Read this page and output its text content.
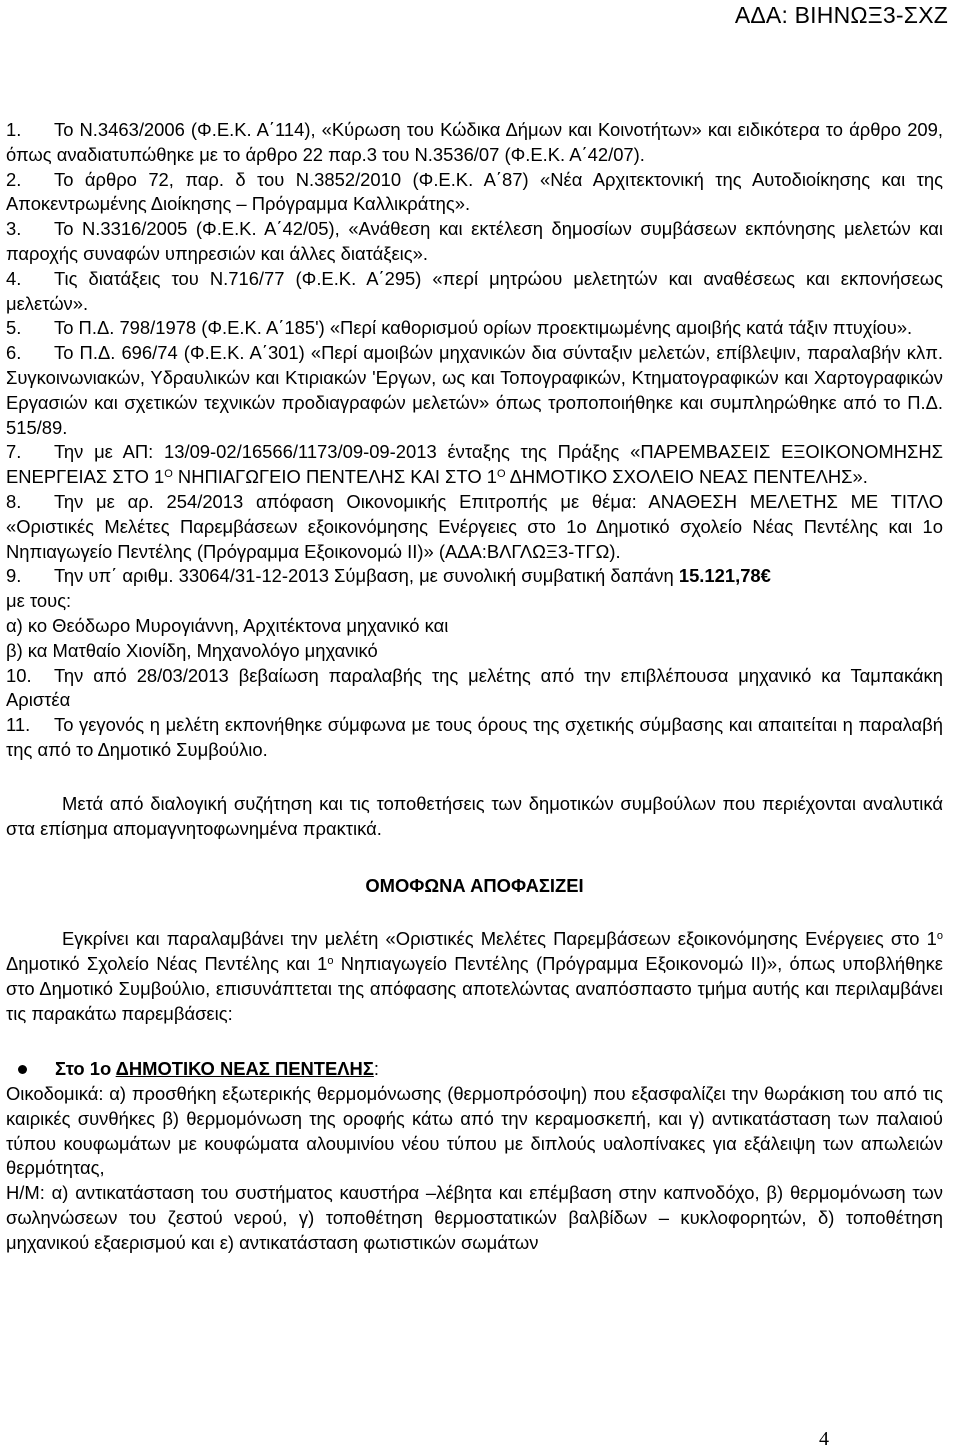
ΑΔΑ: ΒΙΗΝΩΞ3-ΣΧΖ

1. Το Ν.3463/2006 (Φ.Ε.Κ. Α΄114), «Κύρωση του Κώδικα Δήμων και Κοινοτήτων» και ειδικότερα το άρθρο 209, όπως αναδιατυπώθηκε με το άρθρο 22 παρ.3 του Ν.3536/07 (Φ.Ε.Κ. Α΄42/07).

2. Το άρθρο 72, παρ. δ του Ν.3852/2010 (Φ.Ε.Κ. Α΄87) «Νέα Αρχιτεκτονική της Αυτοδιοίκησης και της Αποκεντρωμένης Διοίκησης – Πρόγραμμα Καλλικράτης».

3. Το Ν.3316/2005 (Φ.Ε.Κ. Α΄42/05), «Ανάθεση και εκτέλεση δημοσίων συμβάσεων εκπόνησης μελετών και παροχής συναφών υπηρεσιών και άλλες διατάξεις».

4. Τις διατάξεις του Ν.716/77 (Φ.Ε.Κ. Α΄295) «περί μητρώου μελετητών και αναθέσεως και εκπονήσεως μελετών».

5. Το Π.Δ. 798/1978 (Φ.Ε.Κ. Α΄185') «Περί καθορισμού ορίων προεκτιμωμένης αμοιβής κατά τάξιν πτυχίου».

6. Το Π.Δ. 696/74 (Φ.Ε.Κ. Α΄301) «Περί αμοιβών μηχανικών δια σύνταξιν μελετών, επίβλεψιν, παραλαβήν κλπ. Συγκοινωνιακών, Υδραυλικών και Κτιριακών 'Εργων, ως και Τοπογραφικών, Κτηματογραφικών και Χαρτογραφικών Εργασιών και σχετικών τεχνικών προδιαγραφών μελετών» όπως τροποποιήθηκε και συμπληρώθηκε από το Π.Δ. 515/89.

7. Την με ΑΠ: 13/09-02/16566/1173/09-09-2013 ένταξης της Πράξης «ΠΑΡΕΜΒΑΣΕΙΣ ΕΞΟΙΚΟΝΟΜΗΣΗΣ ΕΝΕΡΓΕΙΑΣ ΣΤΟ $1^O$ ΝΗΠΙΑΓΩΓΕΙΟ ΠΕΝΤΕΛΗΣ ΚΑΙ ΣΤΟ $1^O$ ΔΗΜΟΤΙΚΟ ΣΧΟΛΕΙΟ ΝΕΑΣ ΠΕΝΤΕΛΗΣ».

8. Την με αρ. 254/2013 απόφαση Οικονομικής Επιτροπής με θέμα: ΑΝΑΘΕΣΗ ΜΕΛΕΤΗΣ ΜΕ ΤΙΤΛΟ «Οριστικές Μελέτες Παρεμβάσεων εξοικονόμησης Ενέργειες στο 1ο Δημοτικό σχολείο Νέας Πεντέλης και 1ο Νηπιαγωγείο Πεντέλης (Πρόγραμμα Εξοικονομώ ΙΙ)» (ΑΔΑ:ΒΛΓΛΩΞ3-ΤΓΩ).

9. Την υπ΄ αριθμ. 33064/31-12-2013 Σύμβαση, με συνολική συμβατική δαπάνη 15.121,78€

με τους:

α) κο Θεόδωρο Μυρογιάννη, Αρχιτέκτονα μηχανικό και

β) κα Ματθαίο Χιονίδη, Μηχανολόγο μηχανικό

10. Την από 28/03/2013 βεβαίωση παραλαβής της μελέτης από την επιβλέπουσα μηχανικό κα Ταμπακάκη Αριστέα

11. Το γεγονός η μελέτη εκπονήθηκε σύμφωνα με τους όρους της σχετικής σύμβασης και απαιτείται η παραλαβή της από το Δημοτικό Συμβούλιο.

Μετά από διαλογική συζήτηση και τις τοποθετήσεις των δημοτικών συμβούλων που περιέχονται αναλυτικά στα επίσημα απομαγνητοφωνημένα πρακτικά.

ΟΜΟΦΩΝΑ ΑΠΟΦΑΣΙΖΕΙ

Εγκρίνει και παραλαμβάνει την μελέτη «Οριστικές Μελέτες Παρεμβάσεων εξοικονόμησης Ενέργειες στο $1^o$ Δημοτικό Σχολείο Νέας Πεντέλης και $1^o$ Νηπιαγωγείο Πεντέλης (Πρόγραμμα Εξοικονομώ ΙΙ)», όπως υποβλήθηκε στο Δημοτικό Συμβούλιο, επισυνάπτεται της απόφασης αποτελώντας αναπόσπαστο τμήμα αυτής και περιλαμβάνει τις παρακάτω παρεμβάσεις:

Στο 1ο ΔΗΜΟΤΙΚΟ ΝΕΑΣ ΠΕΝΤΕΛΗΣ:

Οικοδομικά: α) προσθήκη εξωτερικής θερμομόνωσης (θερμοπρόσοψη) που εξασφαλίζει την θωράκιση του από τις καιρικές συνθήκες β) θερμομόνωση της οροφής κάτω από την κεραμοσκεπή, και γ) αντικατάσταση των παλαιού τύπου κουφωμάτων με κουφώματα αλουμινίου νέου τύπου με διπλούς υαλοπίνακες για εξάλειψη των απωλειών θερμότητας,

Η/Μ: α) αντικατάσταση του συστήματος καυστήρα –λέβητα και επέμβαση στην καπνοδόχο, β) θερμομόνωση των σωληνώσεων του ζεστού νερού, γ) τοποθέτηση θερμοστατικών βαλβίδων – κυκλοφορητών, δ) τοποθέτηση μηχανικού εξαερισμού και ε) αντικατάσταση φωτιστικών σωμάτων

4
